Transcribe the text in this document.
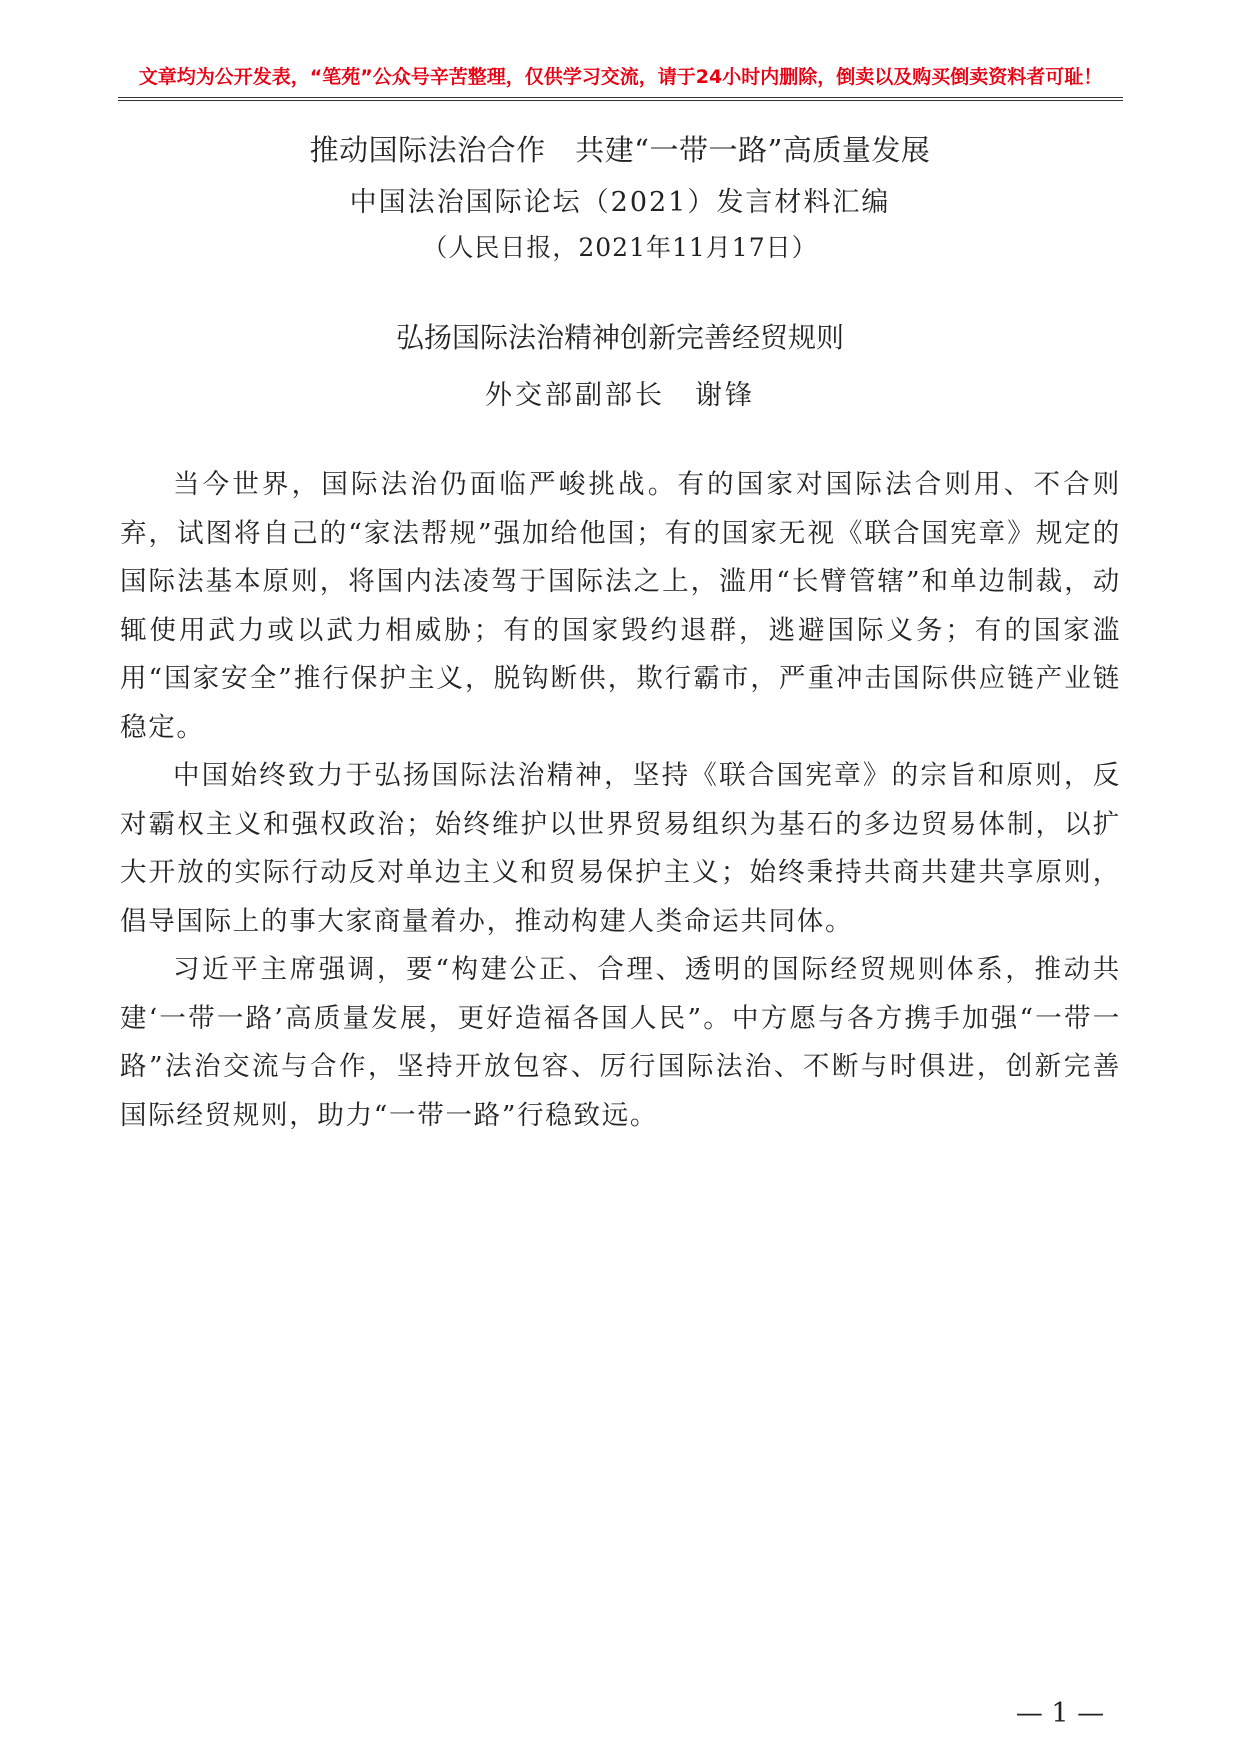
文章均为公开发表，“笔苑”公众号辛苦整理，仅供学习交流，请于24小时内删除，倒卖以及购买倒卖资料者可耻！
推动国际法治合作　共建“一带一路”高质量发展
中国法治国际论坛（2021）发言材料汇编
（人民日报，2021年11月17日）
弘扬国际法治精神创新完善经贸规则
外交部副部长　谢锋

当今世界，国际法治仍面临严峻挑战。有的国家对国际法合则用、不合则弃，试图将自己的“家法帮规”强加给他国；有的国家无视《联合国宪章》规定的国际法基本原则，将国内法凌驾于国际法之上，滥用“长臂管辖”和单边制裁，动辄使用武力或以武力相威胁；有的国家毁约退群，逃避国际义务；有的国家滥用“国家安全”推行保护主义，脱钩断供，欺行霸市，严重冲击国际供应链产业链稳定。

中国始终致力于弘扬国际法治精神，坚持《联合国宪章》的宗旨和原则，反对霸权主义和强权政治；始终维护以世界贸易组织为基石的多边贸易体制，以扩大开放的实际行动反对单边主义和贸易保护主义；始终秉持共商共建共享原则，倡导国际上的事大家商量着办，推动构建人类命运共同体。

习近平主席强调，要“构建公正、合理、透明的国际经贸规则体系，推动共建‘一带一路’高质量发展，更好造福各国人民”。中方愿与各方携手加强“一带一路”法治交流与合作，坚持开放包容、厉行国际法治、不断与时俱进，创新完善国际经贸规则，助力“一带一路”行稳致远。

— 1 —
